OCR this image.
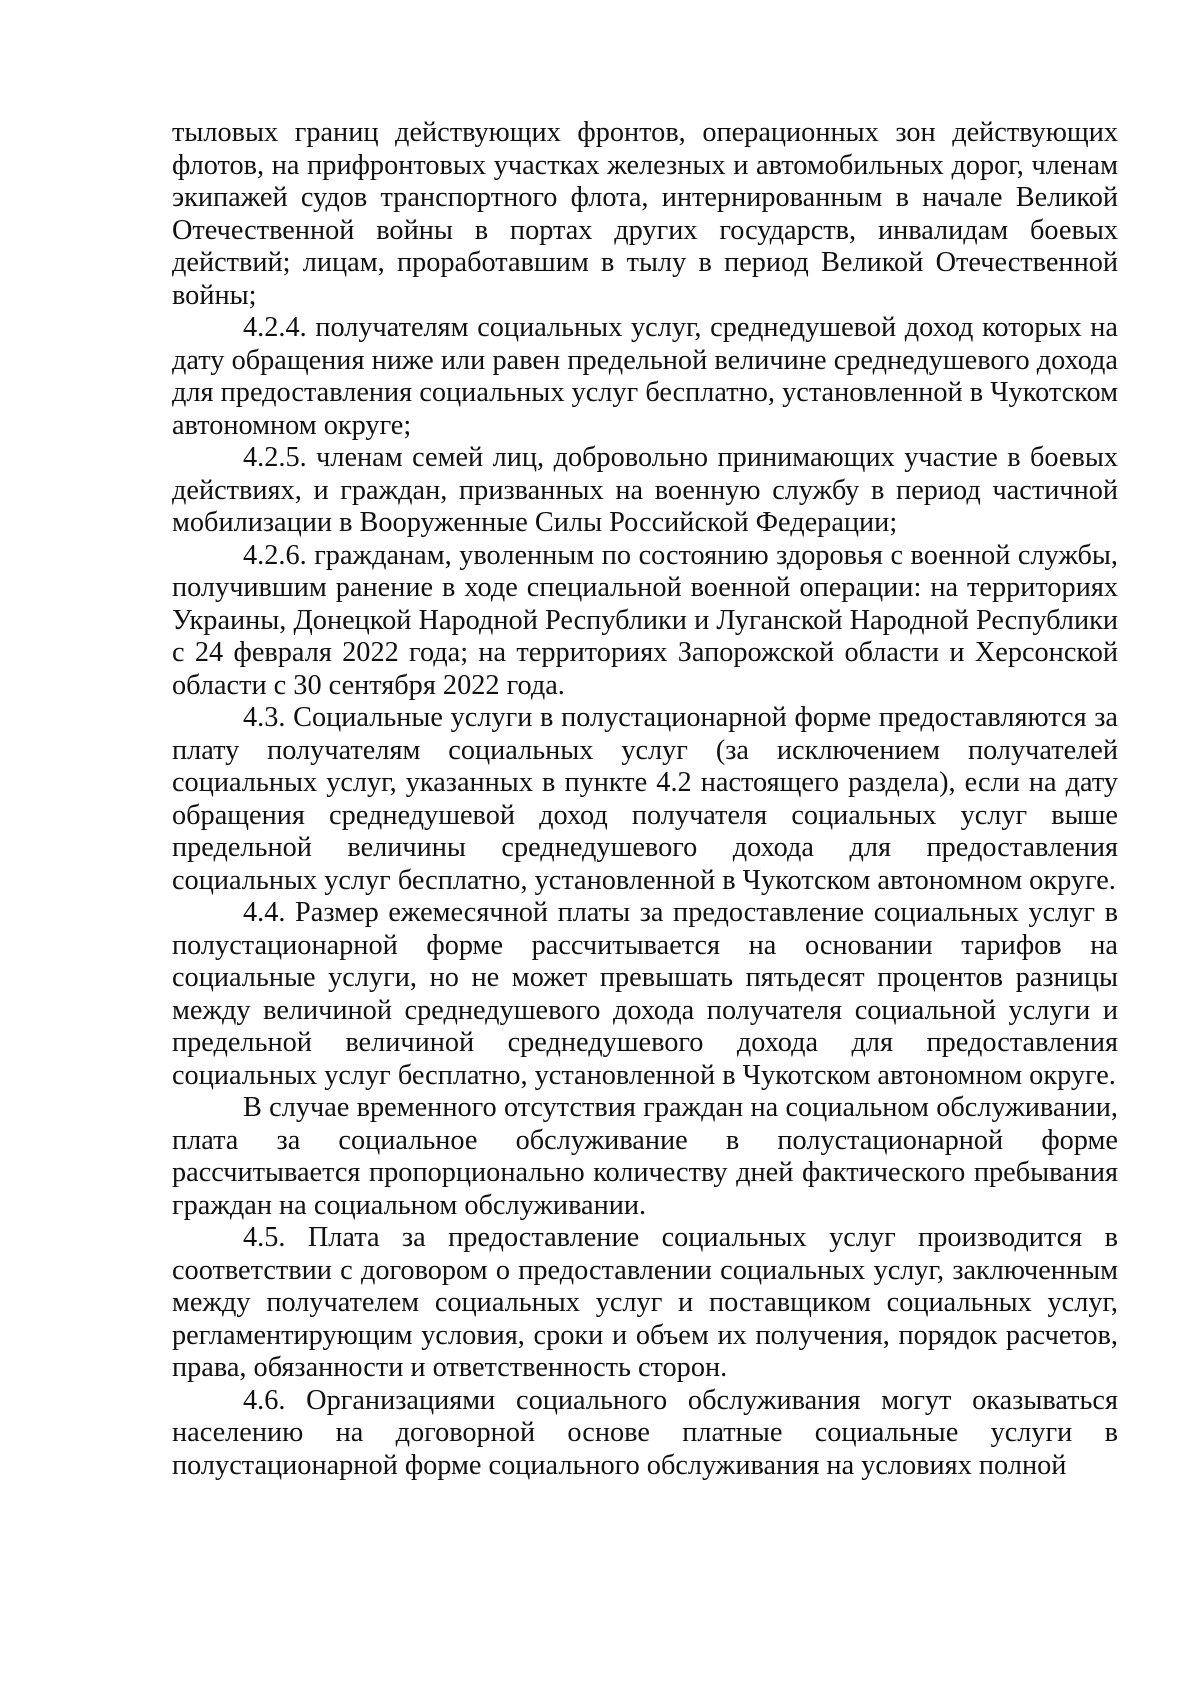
тыловых границ действующих фронтов, операционных зон действующих флотов, на прифронтовых участках железных и автомобильных дорог, членам экипажей судов транспортного флота, интернированным в начале Великой Отечественной войны в портах других государств, инвалидам боевых действий; лицам, проработавшим в тылу в период Великой Отечественной войны;

4.2.4. получателям социальных услуг, среднедушевой доход которых на дату обращения ниже или равен предельной величине среднедушевого дохода для предоставления социальных услуг бесплатно, установленной в Чукотском автономном округе;

4.2.5. членам семей лиц, добровольно принимающих участие в боевых действиях, и граждан, призванных на военную службу в период частичной мобилизации в Вооруженные Силы Российской Федерации;

4.2.6. гражданам, уволенным по состоянию здоровья с военной службы, получившим ранение в ходе специальной военной операции: на территориях Украины, Донецкой Народной Республики и Луганской Народной Республики с 24 февраля 2022 года; на территориях Запорожской области и Херсонской области с 30 сентября 2022 года.

4.3. Социальные услуги в полустационарной форме предоставляются за плату получателям социальных услуг (за исключением получателей социальных услуг, указанных в пункте 4.2 настоящего раздела), если на дату обращения среднедушевой доход получателя социальных услуг выше предельной величины среднедушевого дохода для предоставления социальных услуг бесплатно, установленной в Чукотском автономном округе.

4.4. Размер ежемесячной платы за предоставление социальных услуг в полустационарной форме рассчитывается на основании тарифов на социальные услуги, но не может превышать пятьдесят процентов разницы между величиной среднедушевого дохода получателя социальной услуги и предельной величиной среднедушевого дохода для предоставления социальных услуг бесплатно, установленной в Чукотском автономном округе.

В случае временного отсутствия граждан на социальном обслуживании, плата за социальное обслуживание в полустационарной форме рассчитывается пропорционально количеству дней фактического пребывания граждан на социальном обслуживании.

4.5. Плата за предоставление социальных услуг производится в соответствии с договором о предоставлении социальных услуг, заключенным между получателем социальных услуг и поставщиком социальных услуг, регламентирующим условия, сроки и объем их получения, порядок расчетов, права, обязанности и ответственность сторон.

4.6. Организациями социального обслуживания могут оказываться населению на договорной основе платные социальные услуги в полустационарной форме социального обслуживания на условиях полной
